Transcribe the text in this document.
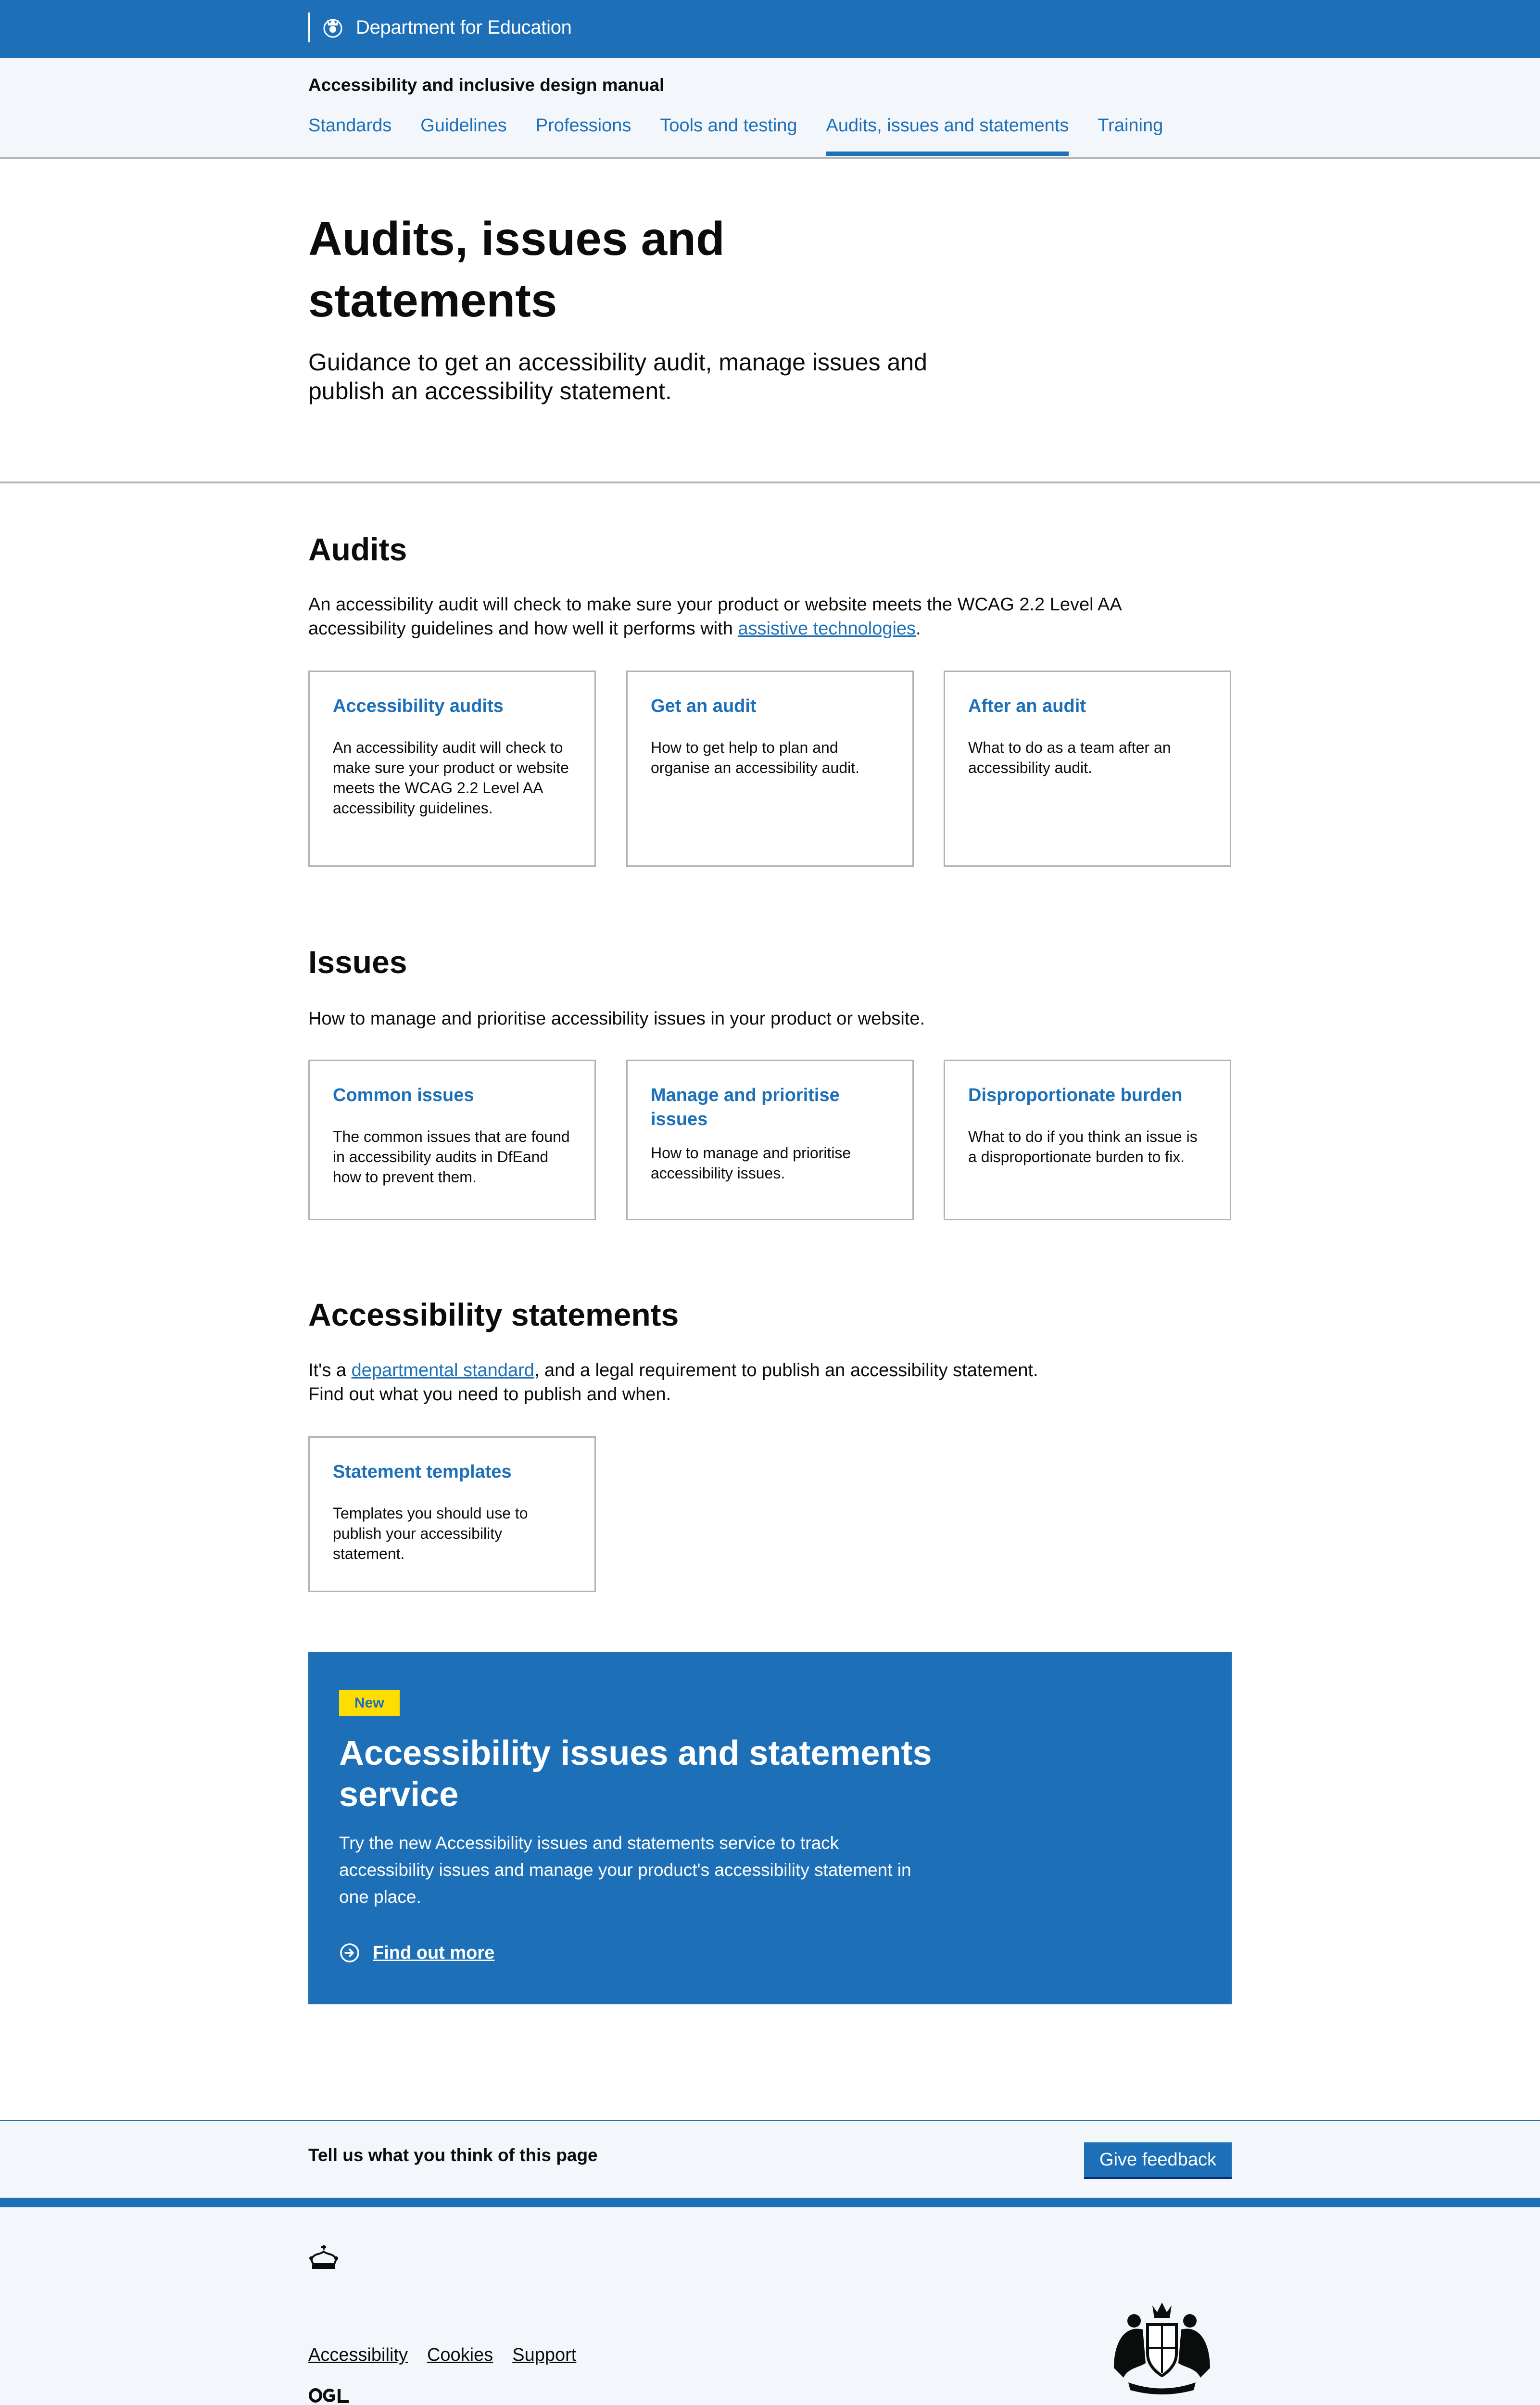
Department for Education
Accessibility and inclusive design manual
Standards Guidelines Professions Tools and testing Audits, issues and statements Training
Audits, issues and statements

Guidance to get an accessibility audit, manage issues and publish an accessibility statement.

Audits

An accessibility audit will check to make sure your product or website meets the WCAG 2.2 Level AA accessibility guidelines and how well it performs with assistive technologies.

Accessibility audits

An accessibility audit will check to make sure your product or website meets the WCAG 2.2 Level AA accessibility guidelines.

Get an audit

How to get help to plan and organise an accessibility audit.

After an audit

What to do as a team after an accessibility audit.

Issues

How to manage and prioritise accessibility issues in your product or website.

Common issues

The common issues that are found in accessibility audits in DfEand how to prevent them.

Manage and prioritise issues

How to manage and prioritise accessibility issues.

Disproportionate burden

What to do if you think an issue is a disproportionate burden to fix.

Accessibility statements

It's a departmental standard, and a legal requirement to publish an accessibility statement.
Find out what you need to publish and when.

Statement templates

Templates you should use to publish your accessibility statement.

New
Accessibility issues and statements service

Try the new Accessibility issues and statements service to track accessibility issues and manage your product's accessibility statement in one place.

Find out more
Tell us what you think of this page	Give feedback
Accessibility Cookies Support
